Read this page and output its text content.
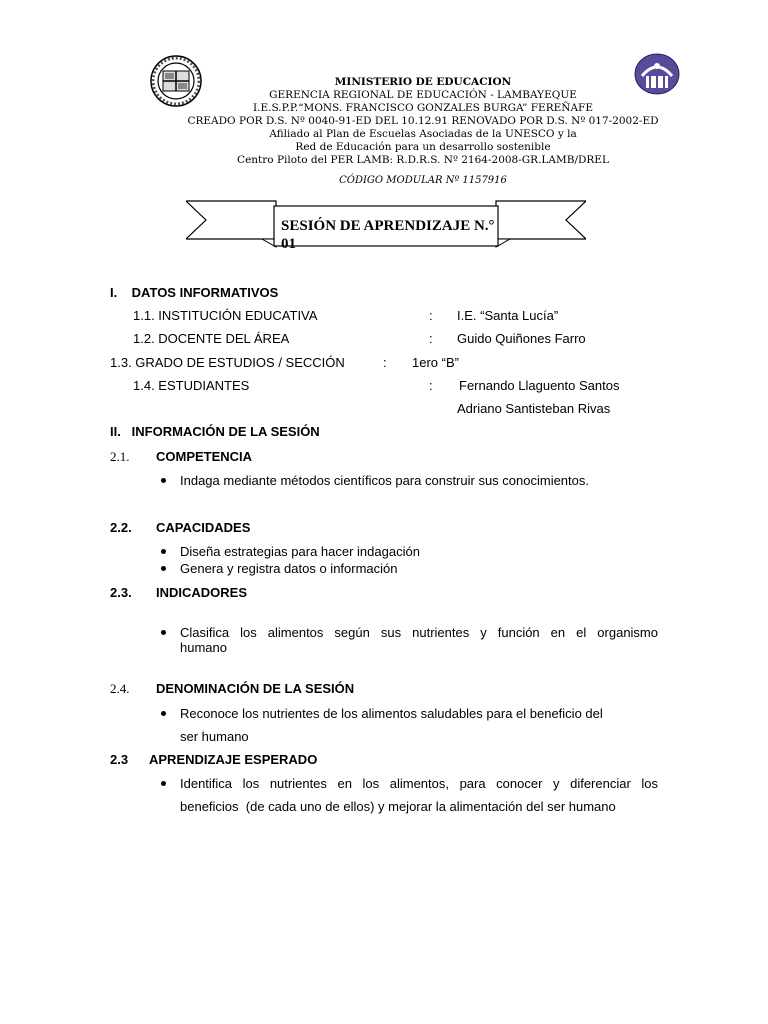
MINISTERIO DE EDUCACION
GERENCIA REGIONAL DE EDUCACIÓN - LAMBAYEQUE
I.E.S.P.P.“MONS. FRANCISCO GONZALES BURGA” FEREÑAFE
CREADO POR D.S. Nº 0040-91-ED DEL 10.12.91 RENOVADO POR D.S. Nº 017-2002-ED
Afiliado al Plan de Escuelas Asociadas de la UNESCO y la
Red de Educación para un desarrollo sostenible
Centro Piloto del PER LAMB: R.D.R.S. Nº 2164-2008-GR.LAMB/DREL
CÓDIGO MODULAR Nº 1157916
SESIÓN DE APRENDIZAJE N.°
01
I.    DATOS INFORMATIVOS
1.1. INSTITUCIÓN EDUCATIVA	: I.E. “Santa Lucía”
1.2. DOCENTE DEL ÁREA	: Guido Quiñones Farro
1.3. GRADO DE ESTUDIOS / SECCIÓN	: 1ero “B”
1.4. ESTUDIANTES	: Fernando Llaguento Santos
Adriano Santisteban Rivas
II.   INFORMACIÓN DE LA SESIÓN
2.1. COMPETENCIA
Indaga mediante métodos científicos para construir sus conocimientos.
2.2. CAPACIDADES
Diseña estrategias para hacer indagación
Genera y registra datos o información
2.3. INDICADORES
Clasifica los alimentos según sus nutrientes y función en el organismo
humano
2.4. DENOMINACIÓN DE LA SESIÓN
Reconoce los nutrientes de los alimentos saludables para el beneficio del
ser humano
2.3 APRENDIZAJE ESPERADO
Identifica los nutrientes en los alimentos, para conocer y diferenciar los
beneficios  (de cada uno de ellos) y mejorar la alimentación del ser humano
